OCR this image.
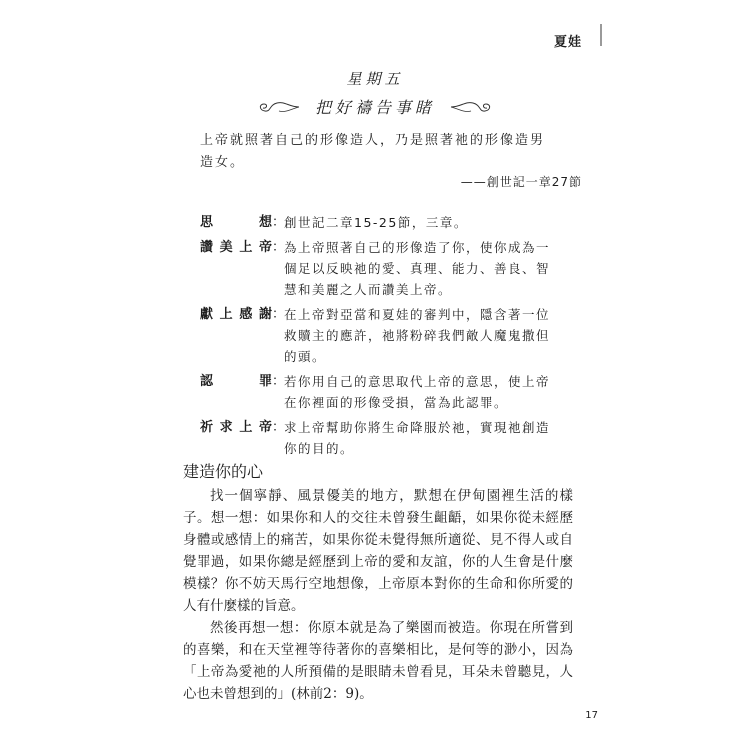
夏娃
星期五
把好禱告事睹
上帝就照著自己的形像造人，乃是照著祂的形像造男造女。
——創世記一章27節
思想 ：
創世記二章15-25節，三章。
讚美上帝 ：
為上帝照著自己的形像造了你，使你成為一個足以反映祂的愛、真理、能力、善良、智慧和美麗之人而讚美上帝。
獻上感謝 ：
在上帝對亞當和夏娃的審判中，隱含著一位救贖主的應許，祂將粉碎我們敵人魔鬼撒但的頭。
認罪 ：
若你用自己的意思取代上帝的意思，使上帝在你裡面的形像受損，當為此認罪。
祈求上帝 ：
求上帝幫助你將生命降服於祂，實現祂創造你的目的。
建造你的心

找一個寧靜、風景優美的地方，默想在伊甸園裡生活的樣子。想一想：如果你和人的交往未曾發生齟齬，如果你從未經歷身體或感情上的痛苦，如果你從未覺得無所適從、見不得人或自覺罪過，如果你總是經歷到上帝的愛和友誼，你的人生會是什麼模樣？你不妨天馬行空地想像，上帝原本對你的生命和你所愛的人有什麼樣的旨意。

然後再想一想：你原本就是為了樂園而被造。你現在所嘗到的喜樂，和在天堂裡等待著你的喜樂相比，是何等的渺小，因為「上帝為愛祂的人所預備的是眼睛未曾看見，耳朵未曾聽見，人心也未曾想到的」(林前2：9)。

17
